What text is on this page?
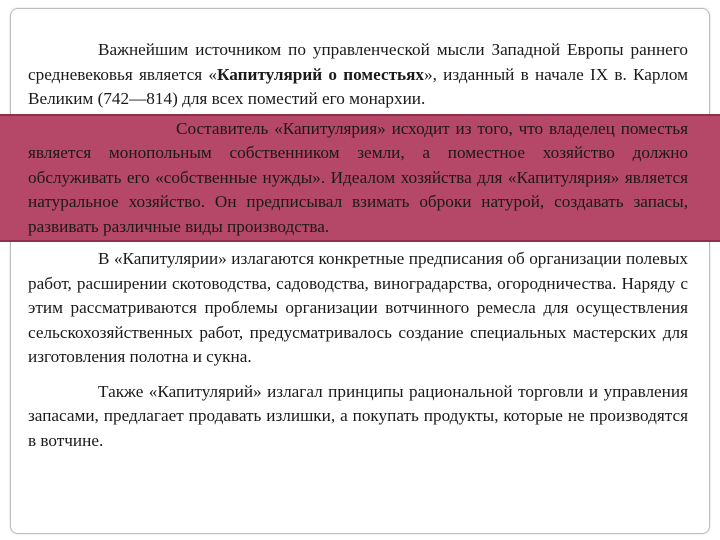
Важнейшим источником по управленческой мысли Западной Европы раннего средневековья является «Капитулярий о поместьях», изданный в начале IX в. Карлом Великим (742—814) для всех поместий его монархии.

Составитель «Капитулярия» исходит из того, что владелец поместья является монопольным собственником земли, а поместное хозяйство должно обслуживать его «собственные нужды». Идеалом хозяйства для «Капитулярия» является натуральное хозяйство. Он предписывал взимать оброки натурой, создавать запасы, развивать различные виды производства.

В «Капитулярии» излагаются конкретные предписания об организации полевых работ, расширении скотоводства, садоводства, виноградарства, огородничества. Наряду с этим рассматриваются проблемы организации вотчинного ремесла для осуществления сельскохозяйственных работ, предусматривалось создание специальных мастерских для изготовления полотна и сукна.

Также «Капитулярий» излагал принципы рациональной торговли и управления запасами, предлагает продавать излишки, а покупать продукты, которые не производятся в вотчине.
